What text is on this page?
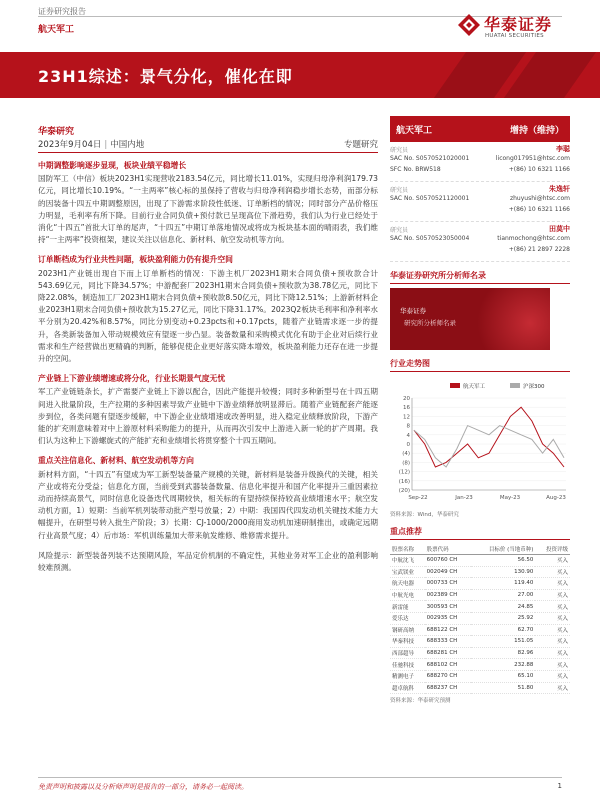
证券研究报告
航天军工	华泰证券
HUATAI SECURITIES
23H1综述：景气分化，催化在即
华泰研究
2023年9月04日 | 中国内地	专题研究
中期调整影响逐步显现，板块业绩平稳增长
国防军工（中信）板块2023H1实现营收2183.54亿元，同比增长11.01%，实现归母净利润179.73亿元，同比增长10.19%。“一主两率”核心标的虽保持了营收与归母净利润稳步增长态势，而部分标的因装备十四五中期调整原因，出现了下游需求阶段性低迷、订单断档的情况；同时部分产品价格压力明显，毛利率有所下降。目前行业合同负债+预付款已呈现高位下滑趋势，我们认为行业已经处于消化“十四五”首批大订单的尾声，“十四五”中期订单落地情况或将成为板块基本面的晴雨表，我们维持“一主两率”投资框架，建议关注以信息化、新材料、航空发动机等方向。
订单断档成为行业共性问题，板块盈利能力仍有提升空间
2023H1产业链出现自下而上订单断档的情况：下游主机厂2023H1期末合同负债+预收款合计543.69亿元，同比下降34.57%；中游配套厂2023H1期末合同负债+预收款为38.78亿元，同比下降22.08%，制造加工厂2023H1期末合同负债+预收款8.50亿元，同比下降12.51%；上游新材料企业2023H1期末合同负债+预收款为15.27亿元，同比下降31.17%。2023Q2板块毛利率和净利率水平分别为20.42%和8.57%，同比分别变动+0.23pcts和+0.17pcts，随着产业链需求逐一步的提升，各类新装备加入带动规模效应有望逐一步凸显。装备数量和采购模式优化有助于企业对后续行业需求和生产经营做出更精确的判断，能够促使企业更好落实降本增效，板块盈利能力还存在进一步提升的空间。
产业链上下游业绩增速或将分化，行业长期景气度无忧
军工产业链链条长，扩产需要产业链上下游以配合，因此产能提升较慢；同时多种新型号在十四五期间进入批量阶段，生产拉期的多种因素导致产业链中下游业绩释放明显滞后。随着产业链配套产能逐步到位，各类问题有望逐步缓解，中下游企业业绩增速或改善明显，进入稳定业绩释放阶段，下游产能的扩充则意味着对中上游原材料采购能力的提升，从而再次引发中上游进入新一轮的扩产周期。我们认为这种上下游螺旋式的产能扩充和业绩增长将贯穿整个十四五期间。
重点关注信息化、新材料、航空发动机等方向
新材料方面，“十四五”有望成为军工新型装备量产规模的关键，新材料是装备升级换代的关键，相关产业或将充分受益；信息化方面，当前受到武器装备数量、信息化率提升和国产化率提升三重因素拉动而持续高景气，同时信息化设备迭代周期较快，相关标的有望持续保持较高业绩增速水平；航空发动机方面，1）短期：当前军机列装带动批产型号放量；2）中期：我国四代四发动机关键技术能力大幅提升，在研型号转入批生产阶段；3）长期：CJ-1000/2000商用发动机加速研制推出，或确定远期行业高景气度；4）后市场：军机训练量加大带来航发维修、维修需求提升。
风险提示：新型装备列装不达预期风险，军品定价机制的不确定性，其他业务对军工企业的盈利影响较难预测。
航天军工	增持（维持）
研究员	李聪
SAC No. S0570521020001	licong017951@htsc.com
SFC No. BRW518	+(86) 10 6321 1166
研究员	朱逸轩
SAC No. S0570521120001	zhuyushi@htsc.com
+(86) 10 6321 1166
研究员	田莫中
SAC No. S0570523050004	tianmochong@htsc.com
+(86) 21 2897 2228
华泰证券研究所分析师名录
华泰证券
研究所分析师名录
行业走势图
20
16
12
8
4
0
(4)
(8)
(12)
(16)
(20)
Sep-22	Jan-23	May-23	Aug-23
航天军工	沪深300
资料来源：Wind，华泰研究
重点推荐
股票名称	股票代码	目标价 (当地币种)	投资评级
中航沈飞	600760 CH	56.50	买入
宝武镁业	002049 CH	130.90	买入
航天电器	000733 CH	119.40	买入
中航光电	002389 CH	27.00	买入
新雷能	300593 CH	24.85	买入
爱乐达	002935 CH	25.92	买入
钢研高纳	688122 CH	62.70	买入
华秦科技	688333 CH	151.05	买入
西部超导	688281 CH	82.96	买入
佳驰科技	688102 CH	232.88	买入
精测电子	688270 CH	65.10	买入
超卓航科	688237 CH	51.80	买入
资料来源：华泰研究预测
免责声明和披露以及分析师声明是报告的一部分，请务必一起阅读。	1
